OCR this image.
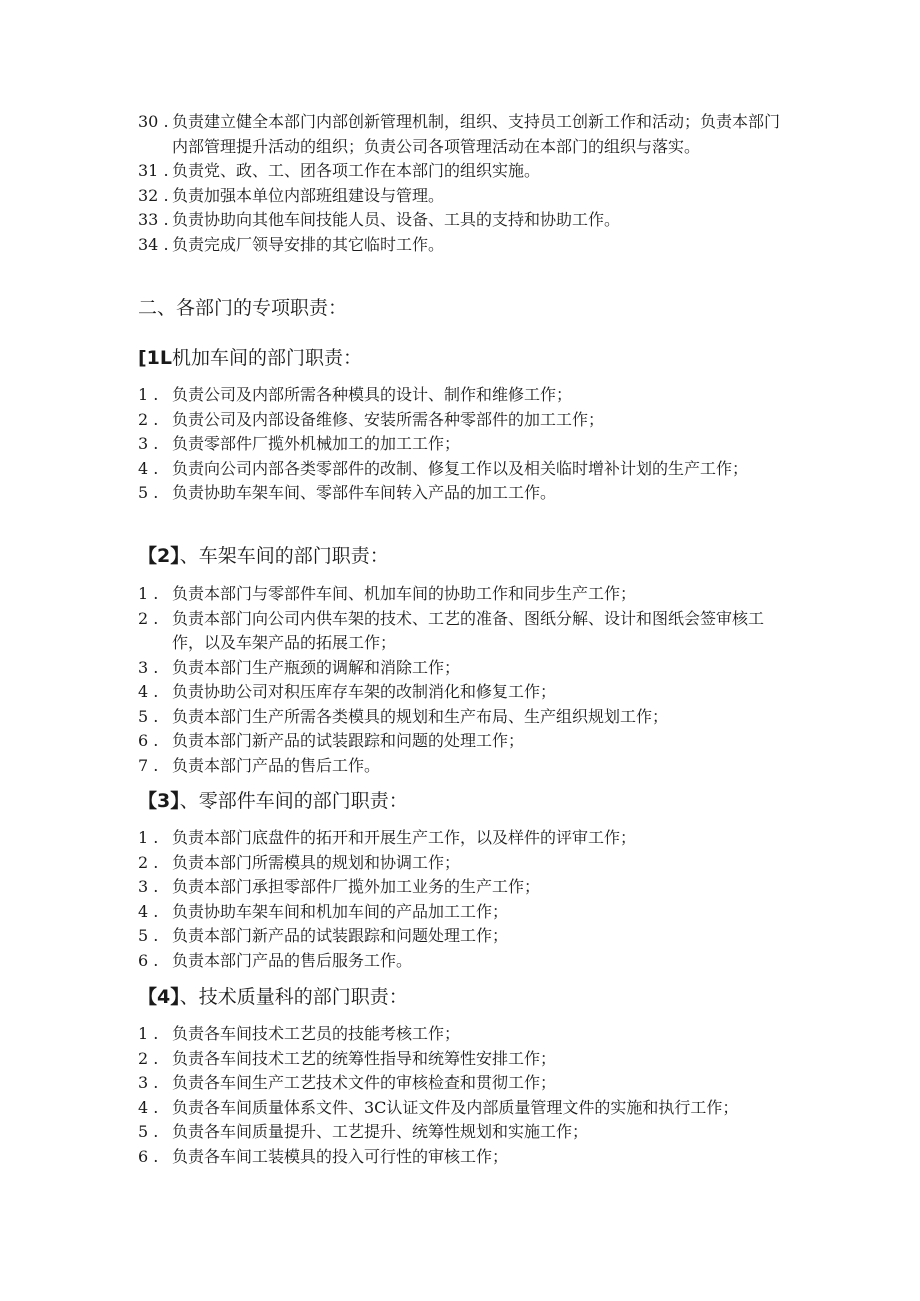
30 . 负责建立健全本部门内部创新管理机制，组织、支持员工创新工作和活动；负责本部门内部管理提升活动的组织；负责公司各项管理活动在本部门的组织与落实。
31 . 负责党、政、工、团各项工作在本部门的组织实施。
32 . 负责加强本单位内部班组建设与管理。
33 . 负责协助向其他车间技能人员、设备、工具的支持和协助工作。
34 . 负责完成厂领导安排的其它临时工作。
二、各部门的专项职责：
[1L机加车间的部门职责：
1 . 负责公司及内部所需各种模具的设计、制作和维修工作；
2 . 负责公司及内部设备维修、安装所需各种零部件的加工工作；
3 . 负责零部件厂揽外机械加工的加工工作；
4 . 负责向公司内部各类零部件的改制、修复工作以及相关临时增补计划的生产工作；
5 . 负责协助车架车间、零部件车间转入产品的加工工作。
【2】、车架车间的部门职责：
1 . 负责本部门与零部件车间、机加车间的协助工作和同步生产工作；
2 . 负责本部门向公司内供车架的技术、工艺的准备、图纸分解、设计和图纸会签审核工作，以及车架产品的拓展工作；
3 . 负责本部门生产瓶颈的调解和消除工作；
4 . 负责协助公司对积压库存车架的改制消化和修复工作；
5 . 负责本部门生产所需各类模具的规划和生产布局、生产组织规划工作；
6 . 负责本部门新产品的试装跟踪和问题的处理工作；
7 . 负责本部门产品的售后工作。
【3】、零部件车间的部门职责：
1 . 负责本部门底盘件的拓开和开展生产工作，以及样件的评审工作；
2 . 负责本部门所需模具的规划和协调工作；
3 . 负责本部门承担零部件厂揽外加工业务的生产工作；
4 . 负责协助车架车间和机加车间的产品加工工作；
5 . 负责本部门新产品的试装跟踪和问题处理工作；
6 . 负责本部门产品的售后服务工作。
【4】、技术质量科的部门职责：
1 . 负责各车间技术工艺员的技能考核工作；
2 . 负责各车间技术工艺的统筹性指导和统筹性安排工作；
3 . 负责各车间生产工艺技术文件的审核检查和贯彻工作；
4 . 负责各车间质量体系文件、3C认证文件及内部质量管理文件的实施和执行工作；
5 . 负责各车间质量提升、工艺提升、统筹性规划和实施工作；
6 . 负责各车间工装模具的投入可行性的审核工作；
